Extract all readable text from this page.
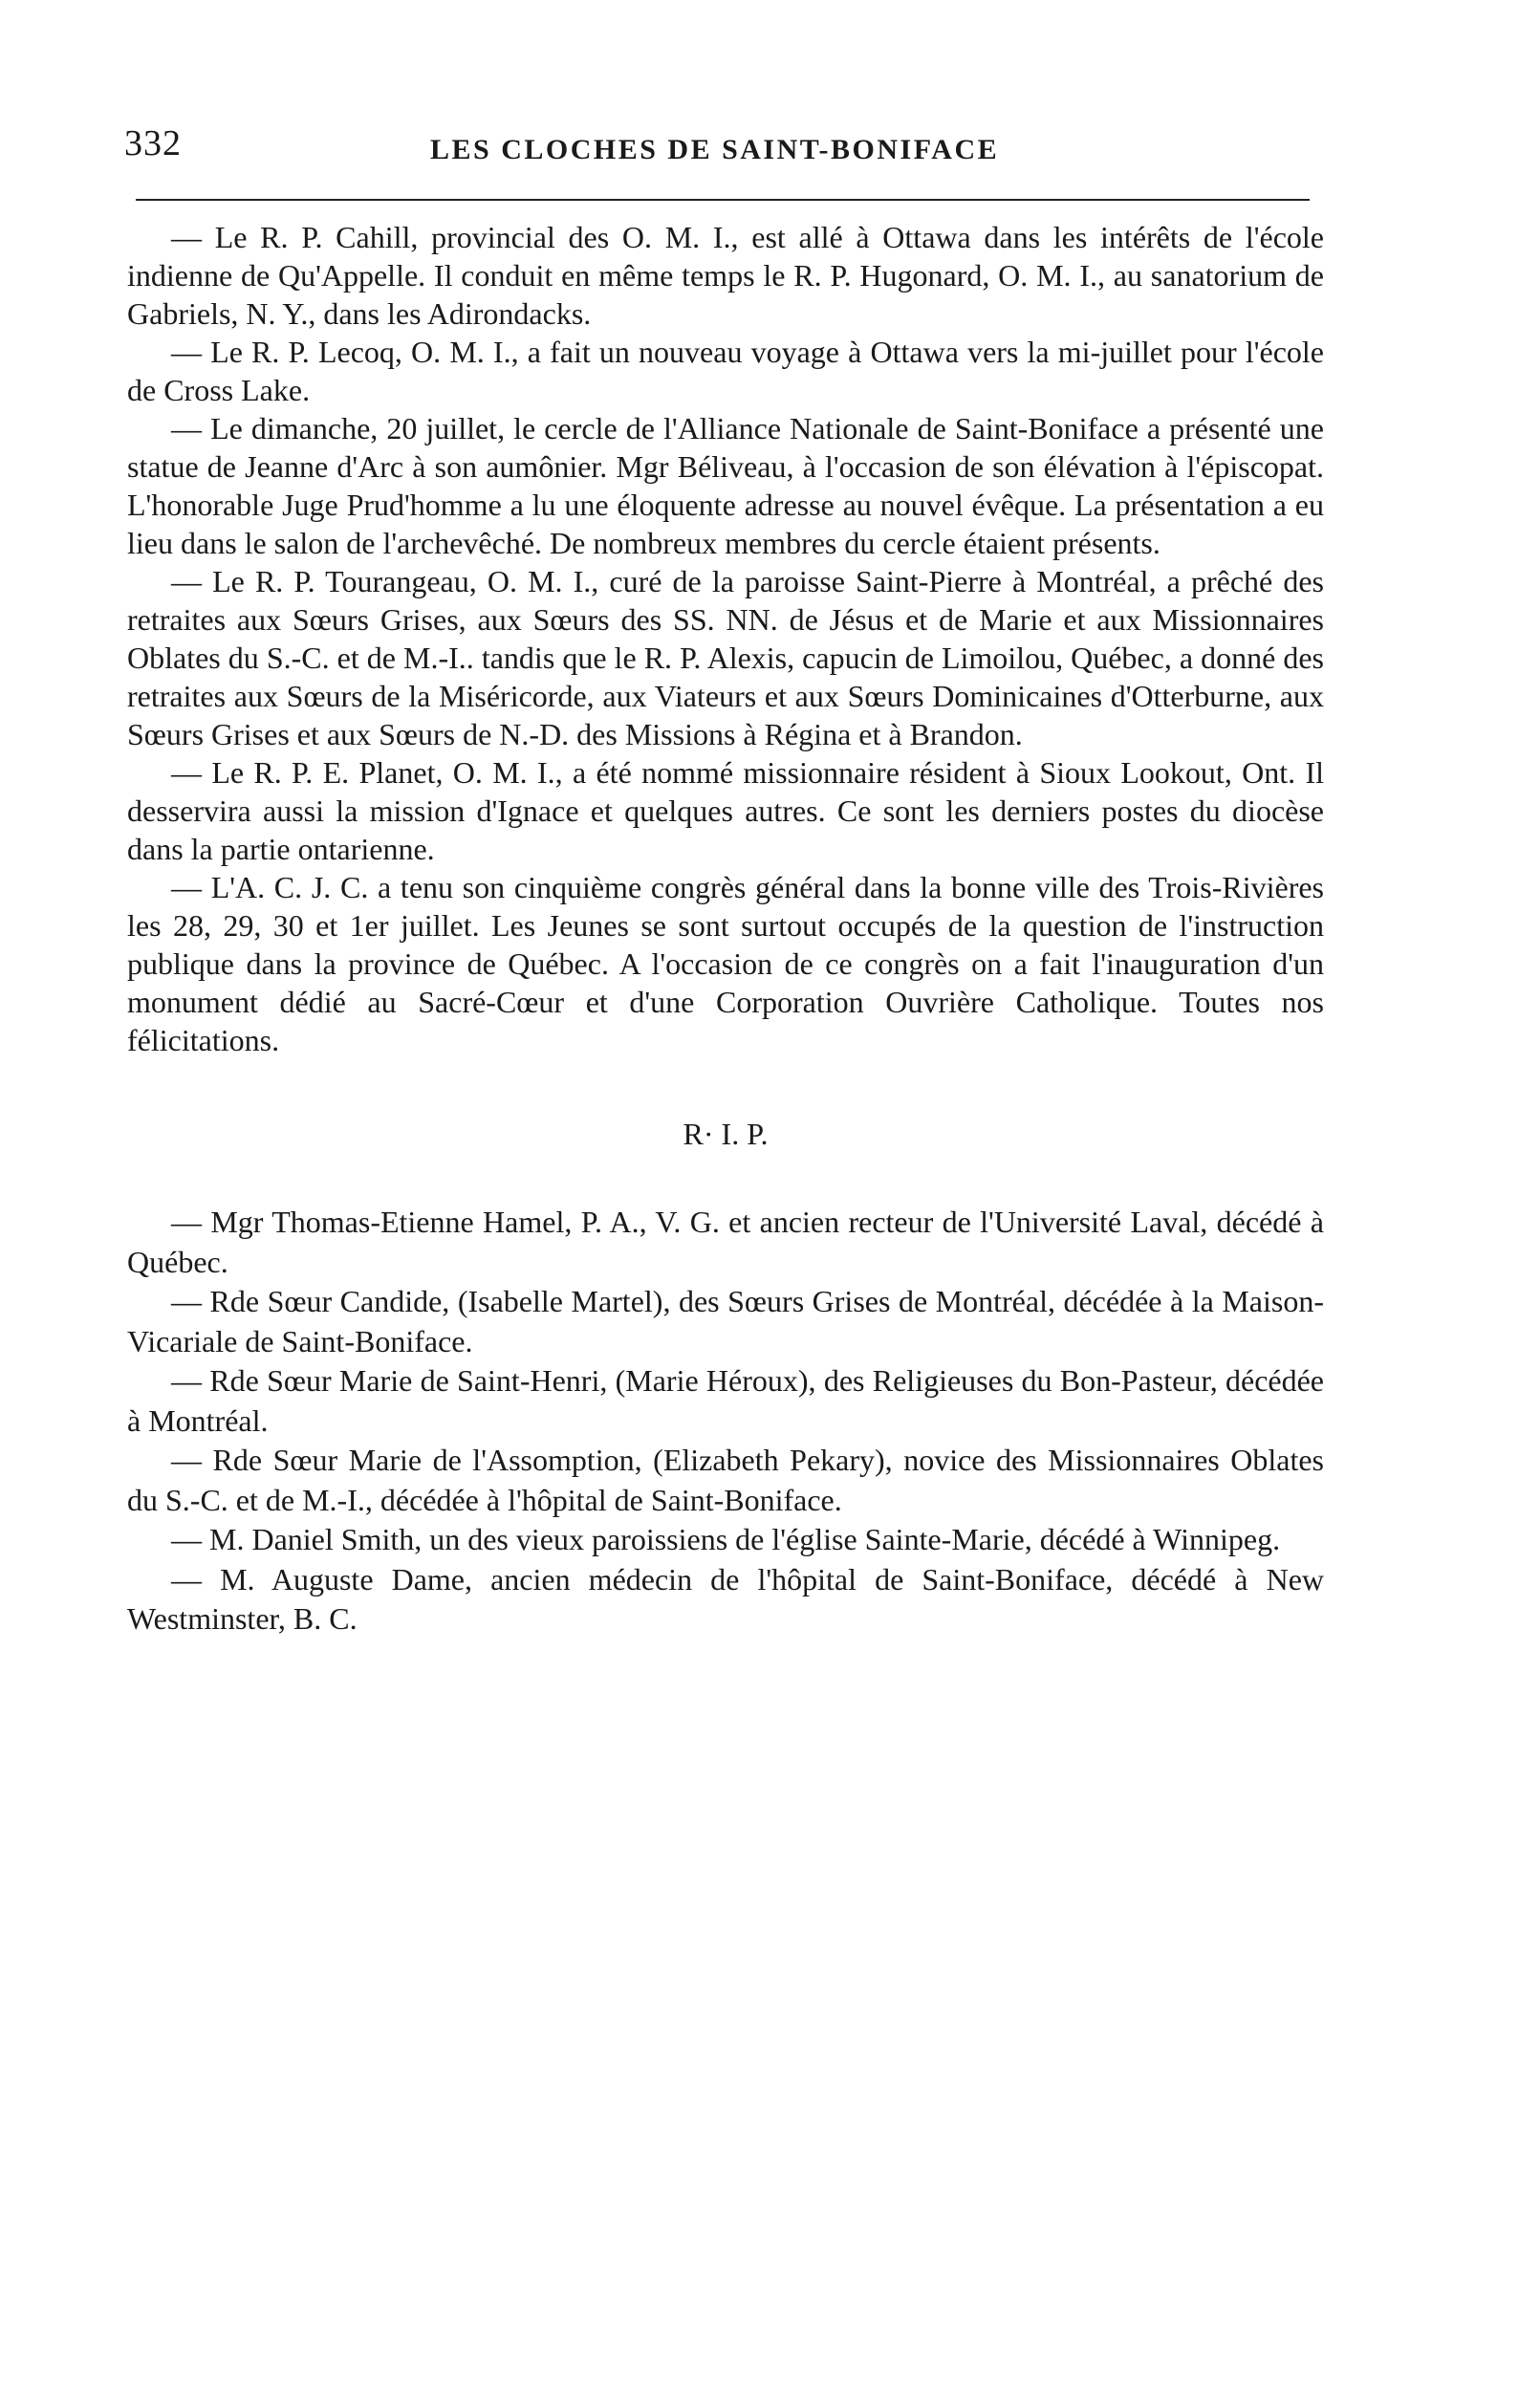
332	LES CLOCHES DE SAINT-BONIFACE

— Le R. P. Cahill, provincial des O. M. I., est allé à Ottawa dans les intérêts de l'école indienne de Qu'Appelle. Il conduit en même temps le R. P. Hugonard, O. M. I., au sanatorium de Gabriels, N. Y., dans les Adirondacks.

— Le R. P. Lecoq, O. M. I., a fait un nouveau voyage à Ottawa vers la mi-juillet pour l'école de Cross Lake.

— Le dimanche, 20 juillet, le cercle de l'Alliance Nationale de Saint-Boniface a présenté une statue de Jeanne d'Arc à son aumônier. Mgr Béliveau, à l'occasion de son élévation à l'épiscopat. L'honorable Juge Prud'homme a lu une éloquente adresse au nouvel évêque. La présentation a eu lieu dans le salon de l'archevêché. De nombreux membres du cercle étaient présents.

— Le R. P. Tourangeau, O. M. I., curé de la paroisse Saint-Pierre à Montréal, a prêché des retraites aux Sœurs Grises, aux Sœurs des SS. NN. de Jésus et de Marie et aux Missionnaires Oblates du S.-C. et de M.-I.. tandis que le R. P. Alexis, capucin de Limoilou, Québec, a donné des retraites aux Sœurs de la Miséricorde, aux Viateurs et aux Sœurs Dominicaines d'Otterburne, aux Sœurs Grises et aux Sœurs de N.-D. des Missions à Régina et à Brandon.

— Le R. P. E. Planet, O. M. I., a été nommé missionnaire résident à Sioux Lookout, Ont. Il desservira aussi la mission d'Ignace et quelques autres. Ce sont les derniers postes du diocèse dans la partie ontarienne.

— L'A. C. J. C. a tenu son cinquième congrès général dans la bonne ville des Trois-Rivières les 28, 29, 30 et 1er juillet. Les Jeunes se sont surtout occupés de la question de l'instruction publique dans la province de Québec. A l'occasion de ce congrès on a fait l'inauguration d'un monument dédié au Sacré-Cœur et d'une Corporation Ouvrière Catholique. Toutes nos félicitations.

R· I. P.

— Mgr Thomas-Etienne Hamel, P. A., V. G. et ancien recteur de l'Université Laval, décédé à Québec.

— Rde Sœur Candide, (Isabelle Martel), des Sœurs Grises de Montréal, décédée à la Maison-Vicariale de Saint-Boniface.

— Rde Sœur Marie de Saint-Henri, (Marie Héroux), des Religieuses du Bon-Pasteur, décédée à Montréal.

— Rde Sœur Marie de l'Assomption, (Elizabeth Pekary), novice des Missionnaires Oblates du S.-C. et de M.-I., décédée à l'hôpital de Saint-Boniface.

— M. Daniel Smith, un des vieux paroissiens de l'église Sainte-Marie, décédé à Winnipeg.

— M. Auguste Dame, ancien médecin de l'hôpital de Saint-Boniface, décédé à New Westminster, B. C.
